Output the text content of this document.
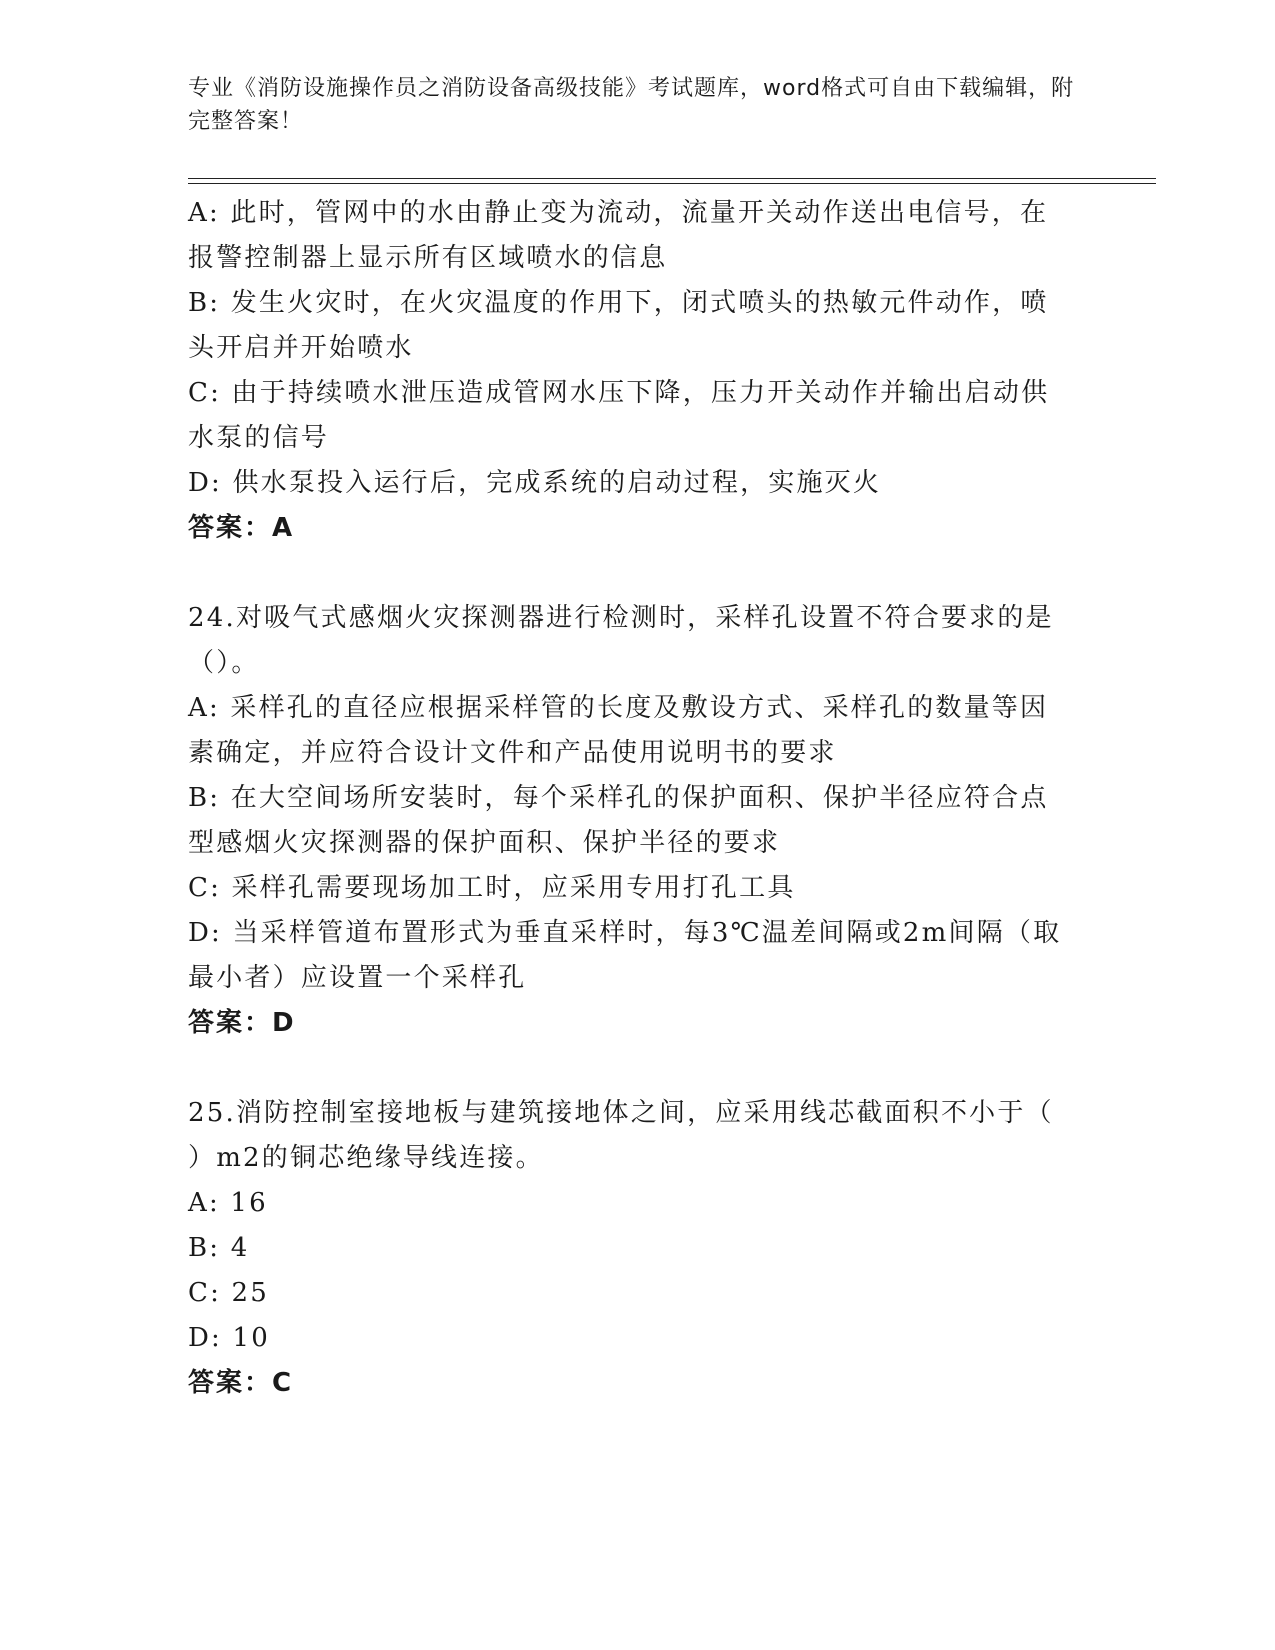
专业《消防设施操作员之消防设备高级技能》考试题库，word格式可自由下载编辑，附完整答案！
A: 此时，管网中的水由静止变为流动，流量开关动作送出电信号，在
报警控制器上显示所有区域喷水的信息
B: 发生火灾时，在火灾温度的作用下，闭式喷头的热敏元件动作，喷
头开启并开始喷水
C: 由于持续喷水泄压造成管网水压下降，压力开关动作并输出启动供
水泵的信号
D: 供水泵投入运行后，完成系统的启动过程，实施灭火
答案：A
24.对吸气式感烟火灾探测器进行检测时，采样孔设置不符合要求的是
（）。
A: 采样孔的直径应根据采样管的长度及敷设方式、采样孔的数量等因
素确定，并应符合设计文件和产品使用说明书的要求
B: 在大空间场所安装时，每个采样孔的保护面积、保护半径应符合点
型感烟火灾探测器的保护面积、保护半径的要求
C: 采样孔需要现场加工时，应采用专用打孔工具
D: 当采样管道布置形式为垂直采样时，每3℃温差间隔或2m间隔（取
最小者）应设置一个采样孔
答案：D
25.消防控制室接地板与建筑接地体之间，应采用线芯截面积不小于（
）m2的铜芯绝缘导线连接。
A: 16
B: 4
C: 25
D: 10
答案：C
